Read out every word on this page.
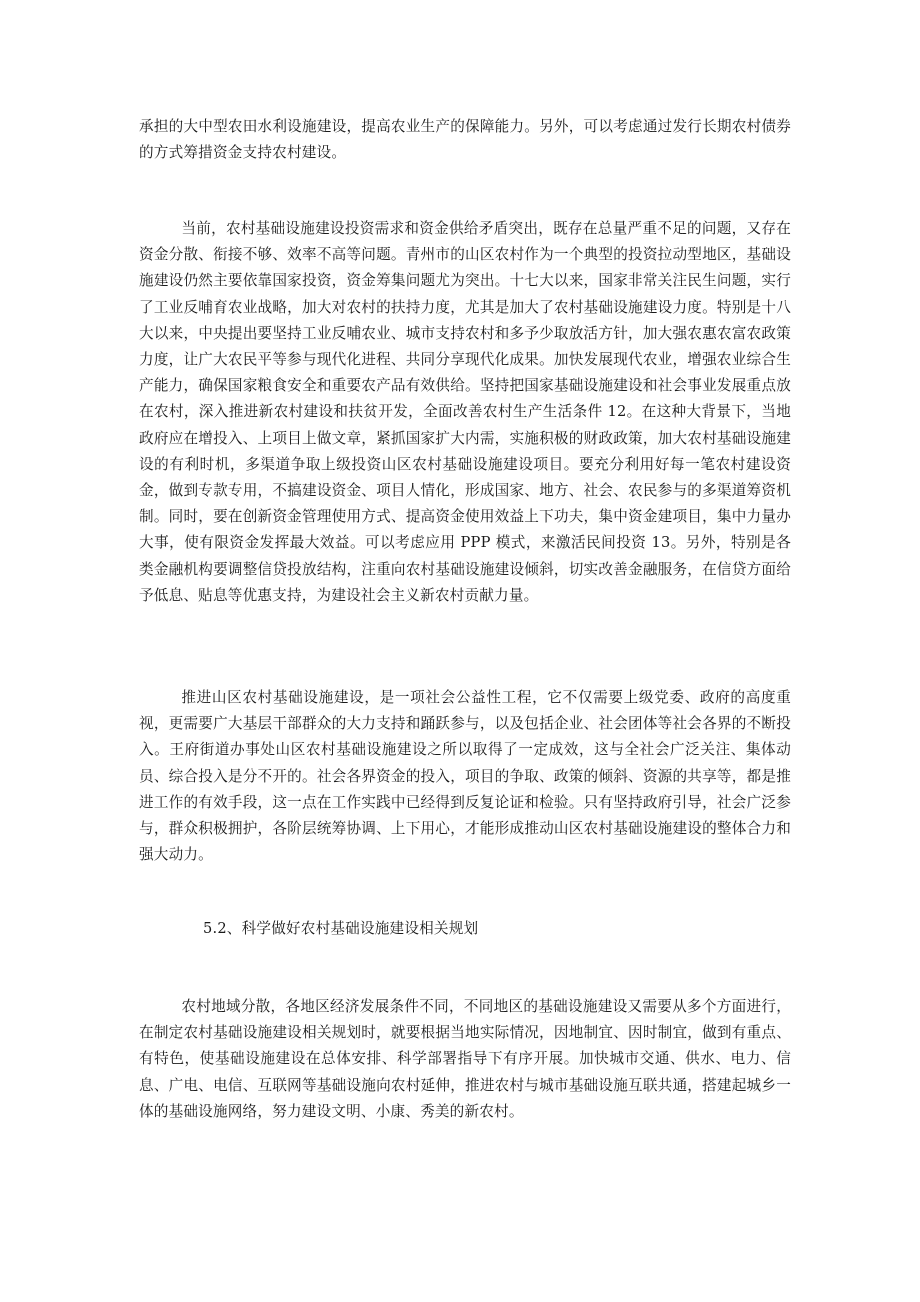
承担的大中型农田水利设施建设，提高农业生产的保障能力。另外，可以考虑通过发行长期农村债券的方式筹措资金支持农村建设。

当前，农村基础设施建设投资需求和资金供给矛盾突出，既存在总量严重不足的问题，又存在资金分散、衔接不够、效率不高等问题。青州市的山区农村作为一个典型的投资拉动型地区，基础设施建设仍然主要依靠国家投资，资金筹集问题尤为突出。十七大以来，国家非常关注民生问题，实行了工业反哺育农业战略，加大对农村的扶持力度，尤其是加大了农村基础设施建设力度。特别是十八大以来，中央提出要坚持工业反哺农业、城市支持农村和多予少取放活方针，加大强农惠农富农政策力度，让广大农民平等参与现代化进程、共同分享现代化成果。加快发展现代农业，增强农业综合生产能力，确保国家粮食安全和重要农产品有效供给。坚持把国家基础设施建设和社会事业发展重点放在农村，深入推进新农村建设和扶贫开发，全面改善农村生产生活条件 12。在这种大背景下，当地政府应在增投入、上项目上做文章，紧抓国家扩大内需，实施积极的财政政策，加大农村基础设施建设的有利时机，多渠道争取上级投资山区农村基础设施建设项目。要充分利用好每一笔农村建设资金，做到专款专用，不搞建设资金、项目人情化，形成国家、地方、社会、农民参与的多渠道筹资机制。同时，要在创新资金管理使用方式、提高资金使用效益上下功夫，集中资金建项目，集中力量办大事，使有限资金发挥最大效益。可以考虑应用 PPP 模式，来激活民间投资 13。另外，特别是各类金融机构要调整信贷投放结构，注重向农村基础设施建设倾斜，切实改善金融服务，在信贷方面给予低息、贴息等优惠支持，为建设社会主义新农村贡献力量。

推进山区农村基础设施建设，是一项社会公益性工程，它不仅需要上级党委、政府的高度重视，更需要广大基层干部群众的大力支持和踊跃参与，以及包括企业、社会团体等社会各界的不断投入。王府街道办事处山区农村基础设施建设之所以取得了一定成效，这与全社会广泛关注、集体动员、综合投入是分不开的。社会各界资金的投入，项目的争取、政策的倾斜、资源的共享等，都是推进工作的有效手段，这一点在工作实践中已经得到反复论证和检验。只有坚持政府引导，社会广泛参与，群众积极拥护，各阶层统筹协调、上下用心，才能形成推动山区农村基础设施建设的整体合力和强大动力。

5.2、科学做好农村基础设施建设相关规划

农村地域分散，各地区经济发展条件不同，不同地区的基础设施建设又需要从多个方面进行，在制定农村基础设施建设相关规划时，就要根据当地实际情况，因地制宜、因时制宜，做到有重点、有特色，使基础设施建设在总体安排、科学部署指导下有序开展。加快城市交通、供水、电力、信息、广电、电信、互联网等基础设施向农村延伸，推进农村与城市基础设施互联共通，搭建起城乡一体的基础设施网络，努力建设文明、小康、秀美的新农村。
